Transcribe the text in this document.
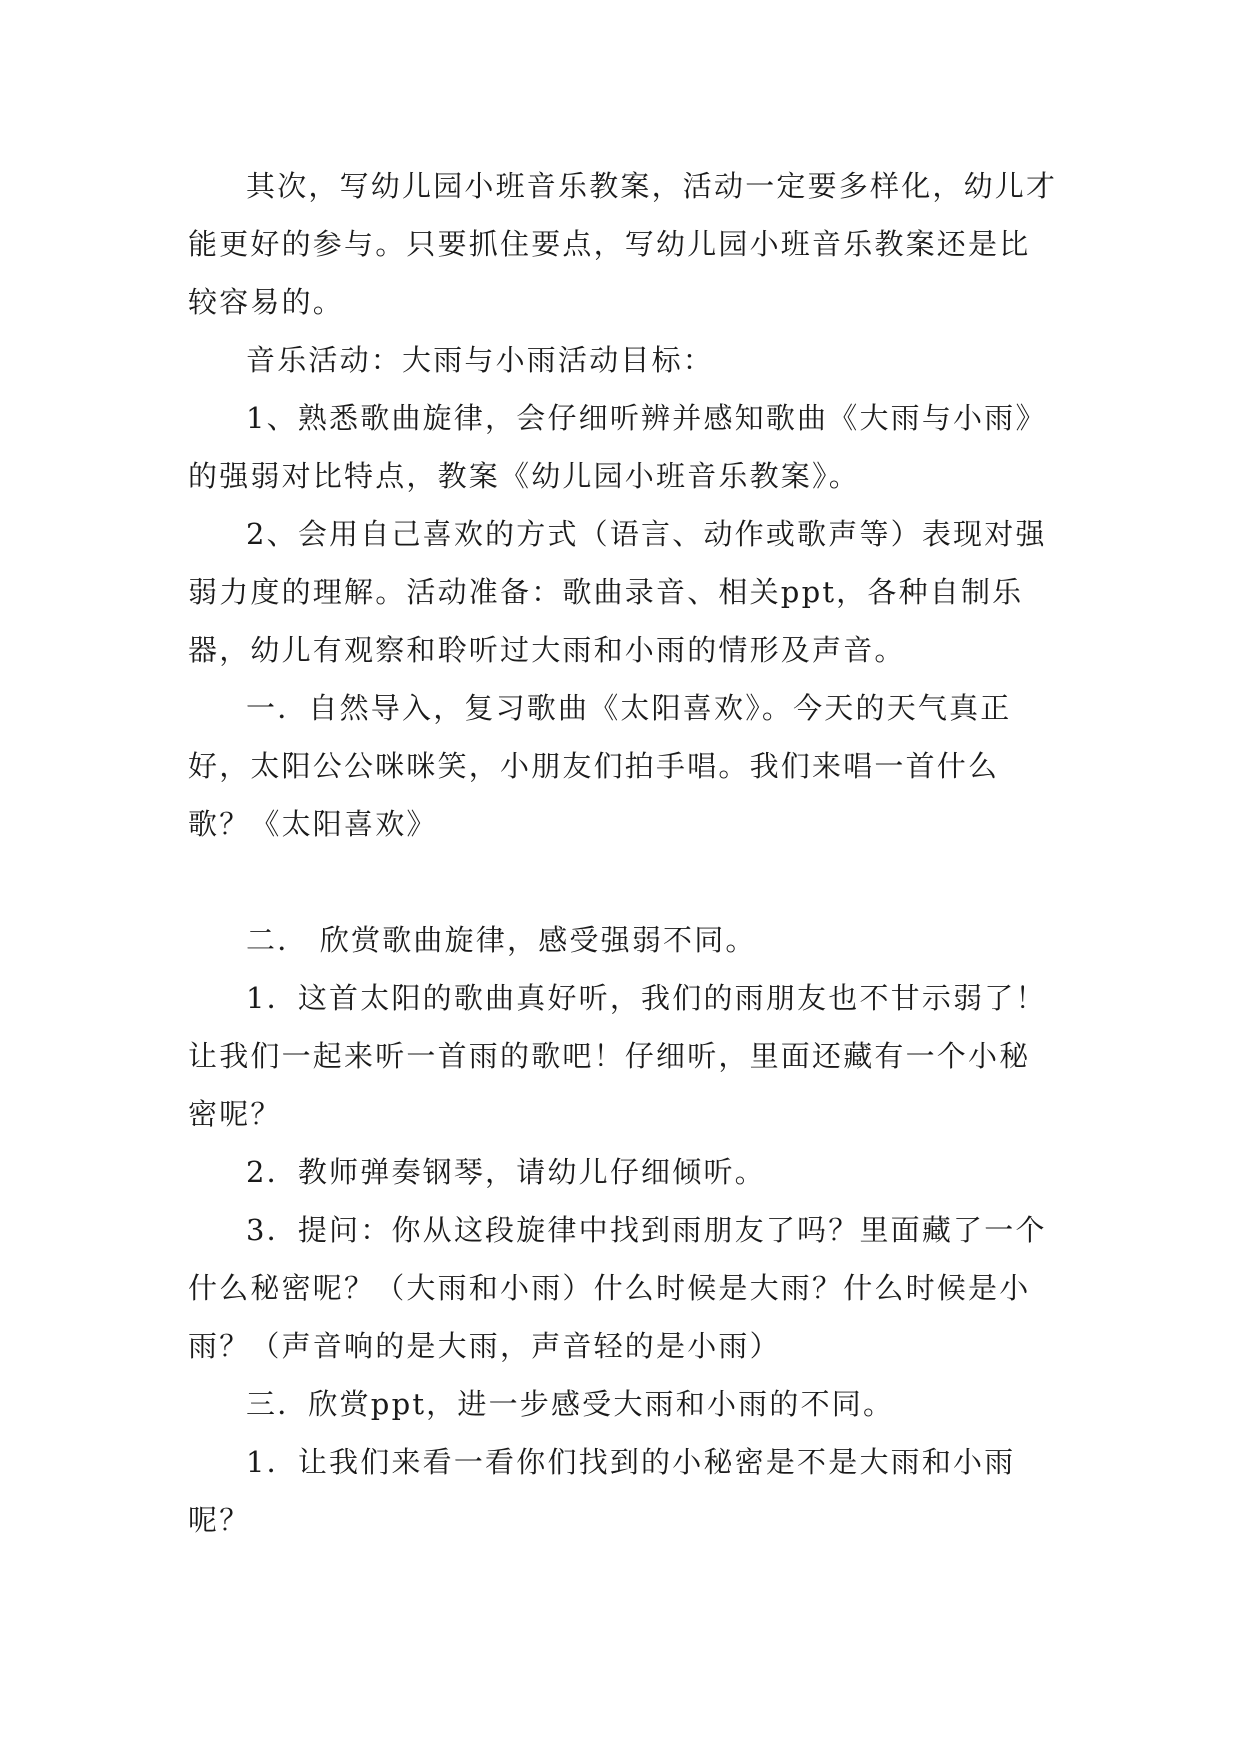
其次，写幼儿园小班音乐教案，活动一定要多样化，幼儿才能更好的参与。只要抓住要点，写幼儿园小班音乐教案还是比较容易的。

音乐活动：大雨与小雨活动目标：

1、熟悉歌曲旋律，会仔细听辨并感知歌曲《大雨与小雨》的强弱对比特点，教案《幼儿园小班音乐教案》。

2、会用自己喜欢的方式（语言、动作或歌声等）表现对强弱力度的理解。活动准备：歌曲录音、相关ppt，各种自制乐器，幼儿有观察和聆听过大雨和小雨的情形及声音。

一．自然导入，复习歌曲《太阳喜欢》。今天的天气真正好，太阳公公咪咪笑，小朋友们拍手唱。我们来唱一首什么歌？《太阳喜欢》

二． 欣赏歌曲旋律，感受强弱不同。

1．这首太阳的歌曲真好听，我们的雨朋友也不甘示弱了！让我们一起来听一首雨的歌吧！仔细听，里面还藏有一个小秘密呢？

2．教师弹奏钢琴，请幼儿仔细倾听。

3．提问：你从这段旋律中找到雨朋友了吗？里面藏了一个什么秘密呢？（大雨和小雨）什么时候是大雨？什么时候是小雨？（声音响的是大雨，声音轻的是小雨）

三．欣赏ppt，进一步感受大雨和小雨的不同。

1．让我们来看一看你们找到的小秘密是不是大雨和小雨呢？
